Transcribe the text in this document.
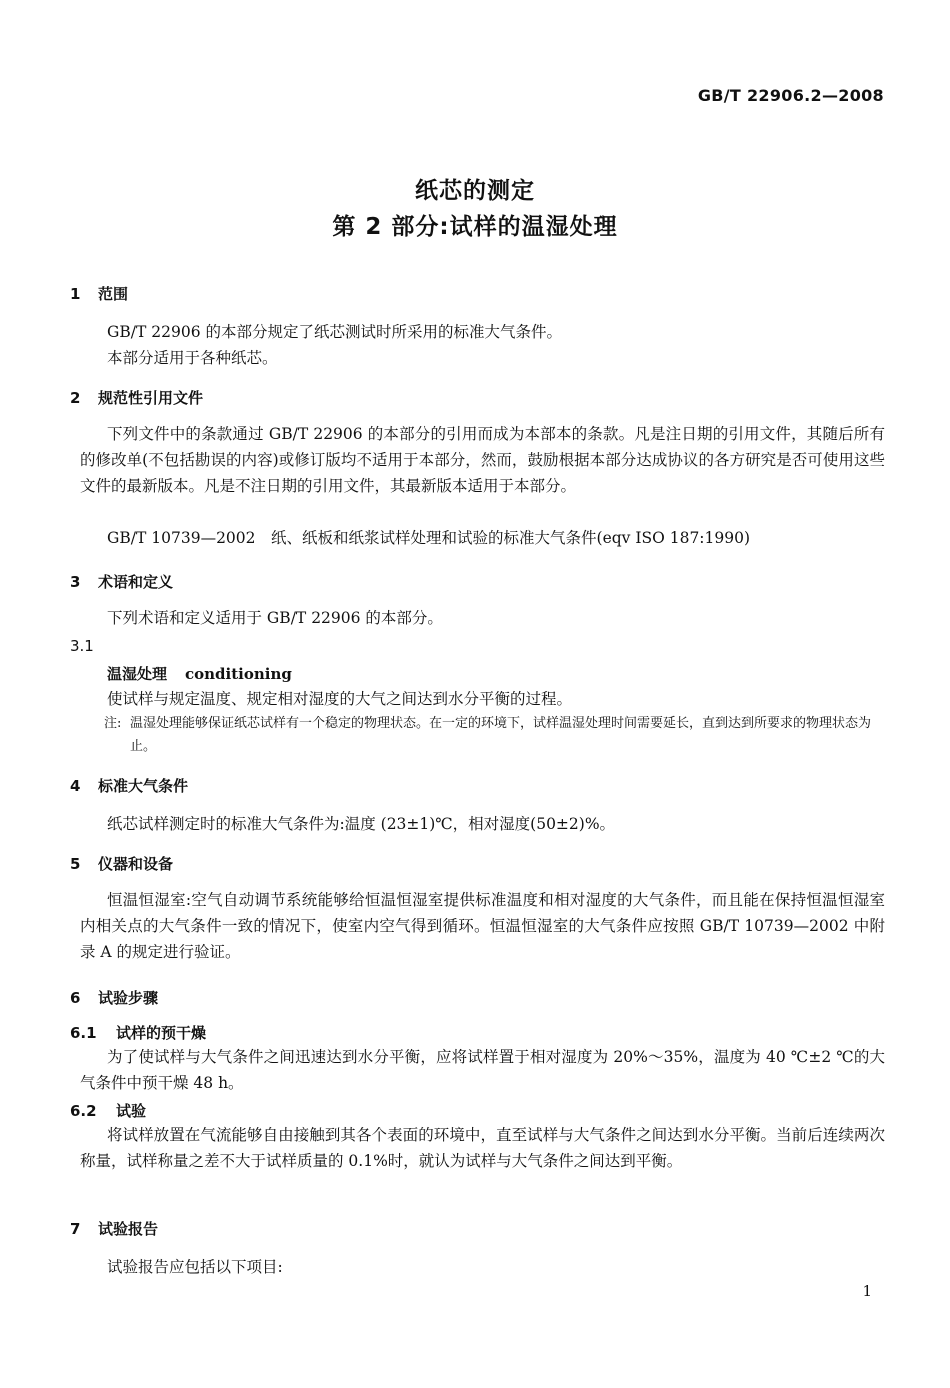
GB/T 22906.2—2008
纸芯的测定
第 2 部分:试样的温湿处理
1 范围
GB/T 22906 的本部分规定了纸芯测试时所采用的标准大气条件。
本部分适用于各种纸芯。
2 规范性引用文件

下列文件中的条款通过 GB/T 22906 的本部分的引用而成为本部本的条款。凡是注日期的引用文件，其随后所有的修改单(不包括勘误的内容)或修订版均不适用于本部分，然而，鼓励根据本部分达成协议的各方研究是否可使用这些文件的最新版本。凡是不注日期的引用文件，其最新版本适用于本部分。

GB/T 10739—2002　纸、纸板和纸浆试样处理和试验的标准大气条件(eqv ISO 187:1990)
3 术语和定义
下列术语和定义适用于 GB/T 22906 的本部分。
3.1
温湿处理 conditioning
使试样与规定温度、规定相对湿度的大气之间达到水分平衡的过程。
注: 温湿处理能够保证纸芯试样有一个稳定的物理状态。在一定的环境下，试样温湿处理时间需要延长，直到达到所要求的物理状态为止。
4 标准大气条件
纸芯试样测定时的标准大气条件为:温度 (23±1)℃，相对湿度(50±2)%。
5 仪器和设备

恒温恒湿室:空气自动调节系统能够给恒温恒湿室提供标准温度和相对湿度的大气条件，而且能在保持恒温恒湿室内相关点的大气条件一致的情况下，使室内空气得到循环。恒温恒湿室的大气条件应按照 GB/T 10739—2002 中附录 A 的规定进行验证。

6 试验步骤
6.1 试样的预干燥

为了使试样与大气条件之间迅速达到水分平衡，应将试样置于相对湿度为 20%～35%，温度为 40 ℃±2 ℃的大气条件中预干燥 48 h。

6.2 试验

将试样放置在气流能够自由接触到其各个表面的环境中，直至试样与大气条件之间达到水分平衡。当前后连续两次称量，试样称量之差不大于试样质量的 0.1%时，就认为试样与大气条件之间达到平衡。

7 试验报告
试验报告应包括以下项目:
1
